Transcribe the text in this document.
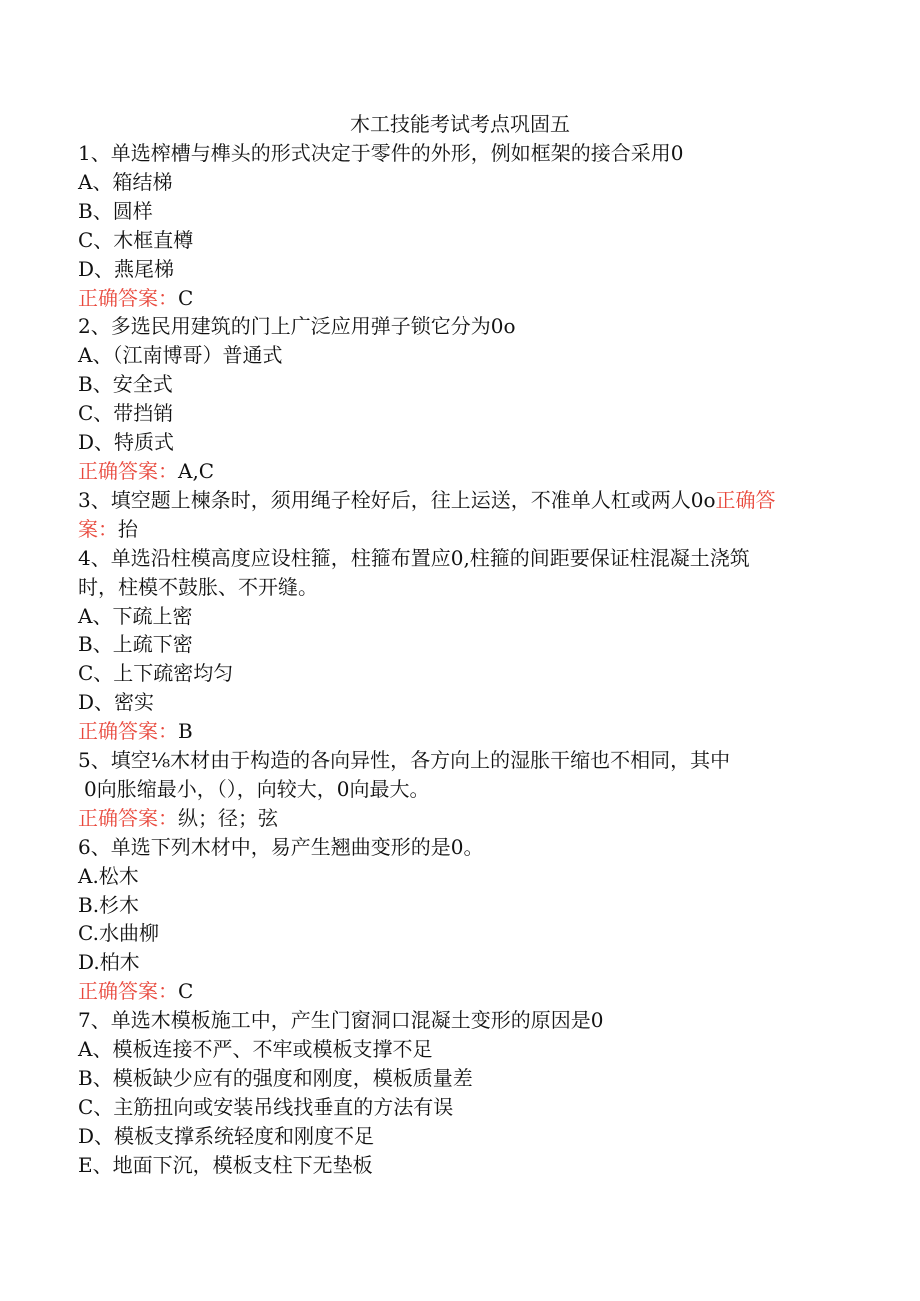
木工技能考试考点巩固五

1、单选榨槽与榫头的形式决定于零件的外形，例如框架的接合采用0

A、箱结梯

B、圆样

C、木框直樽

D、燕尾梯

正确答案：C

2、多选民用建筑的门上广泛应用弹子锁它分为0o

A、（江南博哥）普通式

B、安全式

C、带挡销

D、特质式

正确答案：A,C

3、填空题上楝条时，须用绳子栓好后，往上运送，不准单人杠或两人0o正确答

案：抬

4、单选沿柱模高度应设柱箍，柱箍布置应0,柱箍的间距要保证柱混凝土浇筑

时，柱模不鼓胀、不开缝。

A、下疏上密

B、上疏下密

C、上下疏密均匀

D、密实

正确答案：B

5、填空⅛木材由于构造的各向异性，各方向上的湿胀干缩也不相同，其中

0向胀缩最小，（），向较大，0向最大。

正确答案：纵；径；弦

6、单选下列木材中，易产生翘曲变形的是0。

A.松木

B.杉木

C.水曲柳

D.柏木

正确答案：C

7、单选木模板施工中，产生门窗洞口混凝土变形的原因是0

A、模板连接不严、不牢或模板支撑不足

B、模板缺少应有的强度和刚度，模板质量差

C、主筋扭向或安装吊线找垂直的方法有误

D、模板支撑系统轻度和刚度不足

E、地面下沉，模板支柱下无垫板
